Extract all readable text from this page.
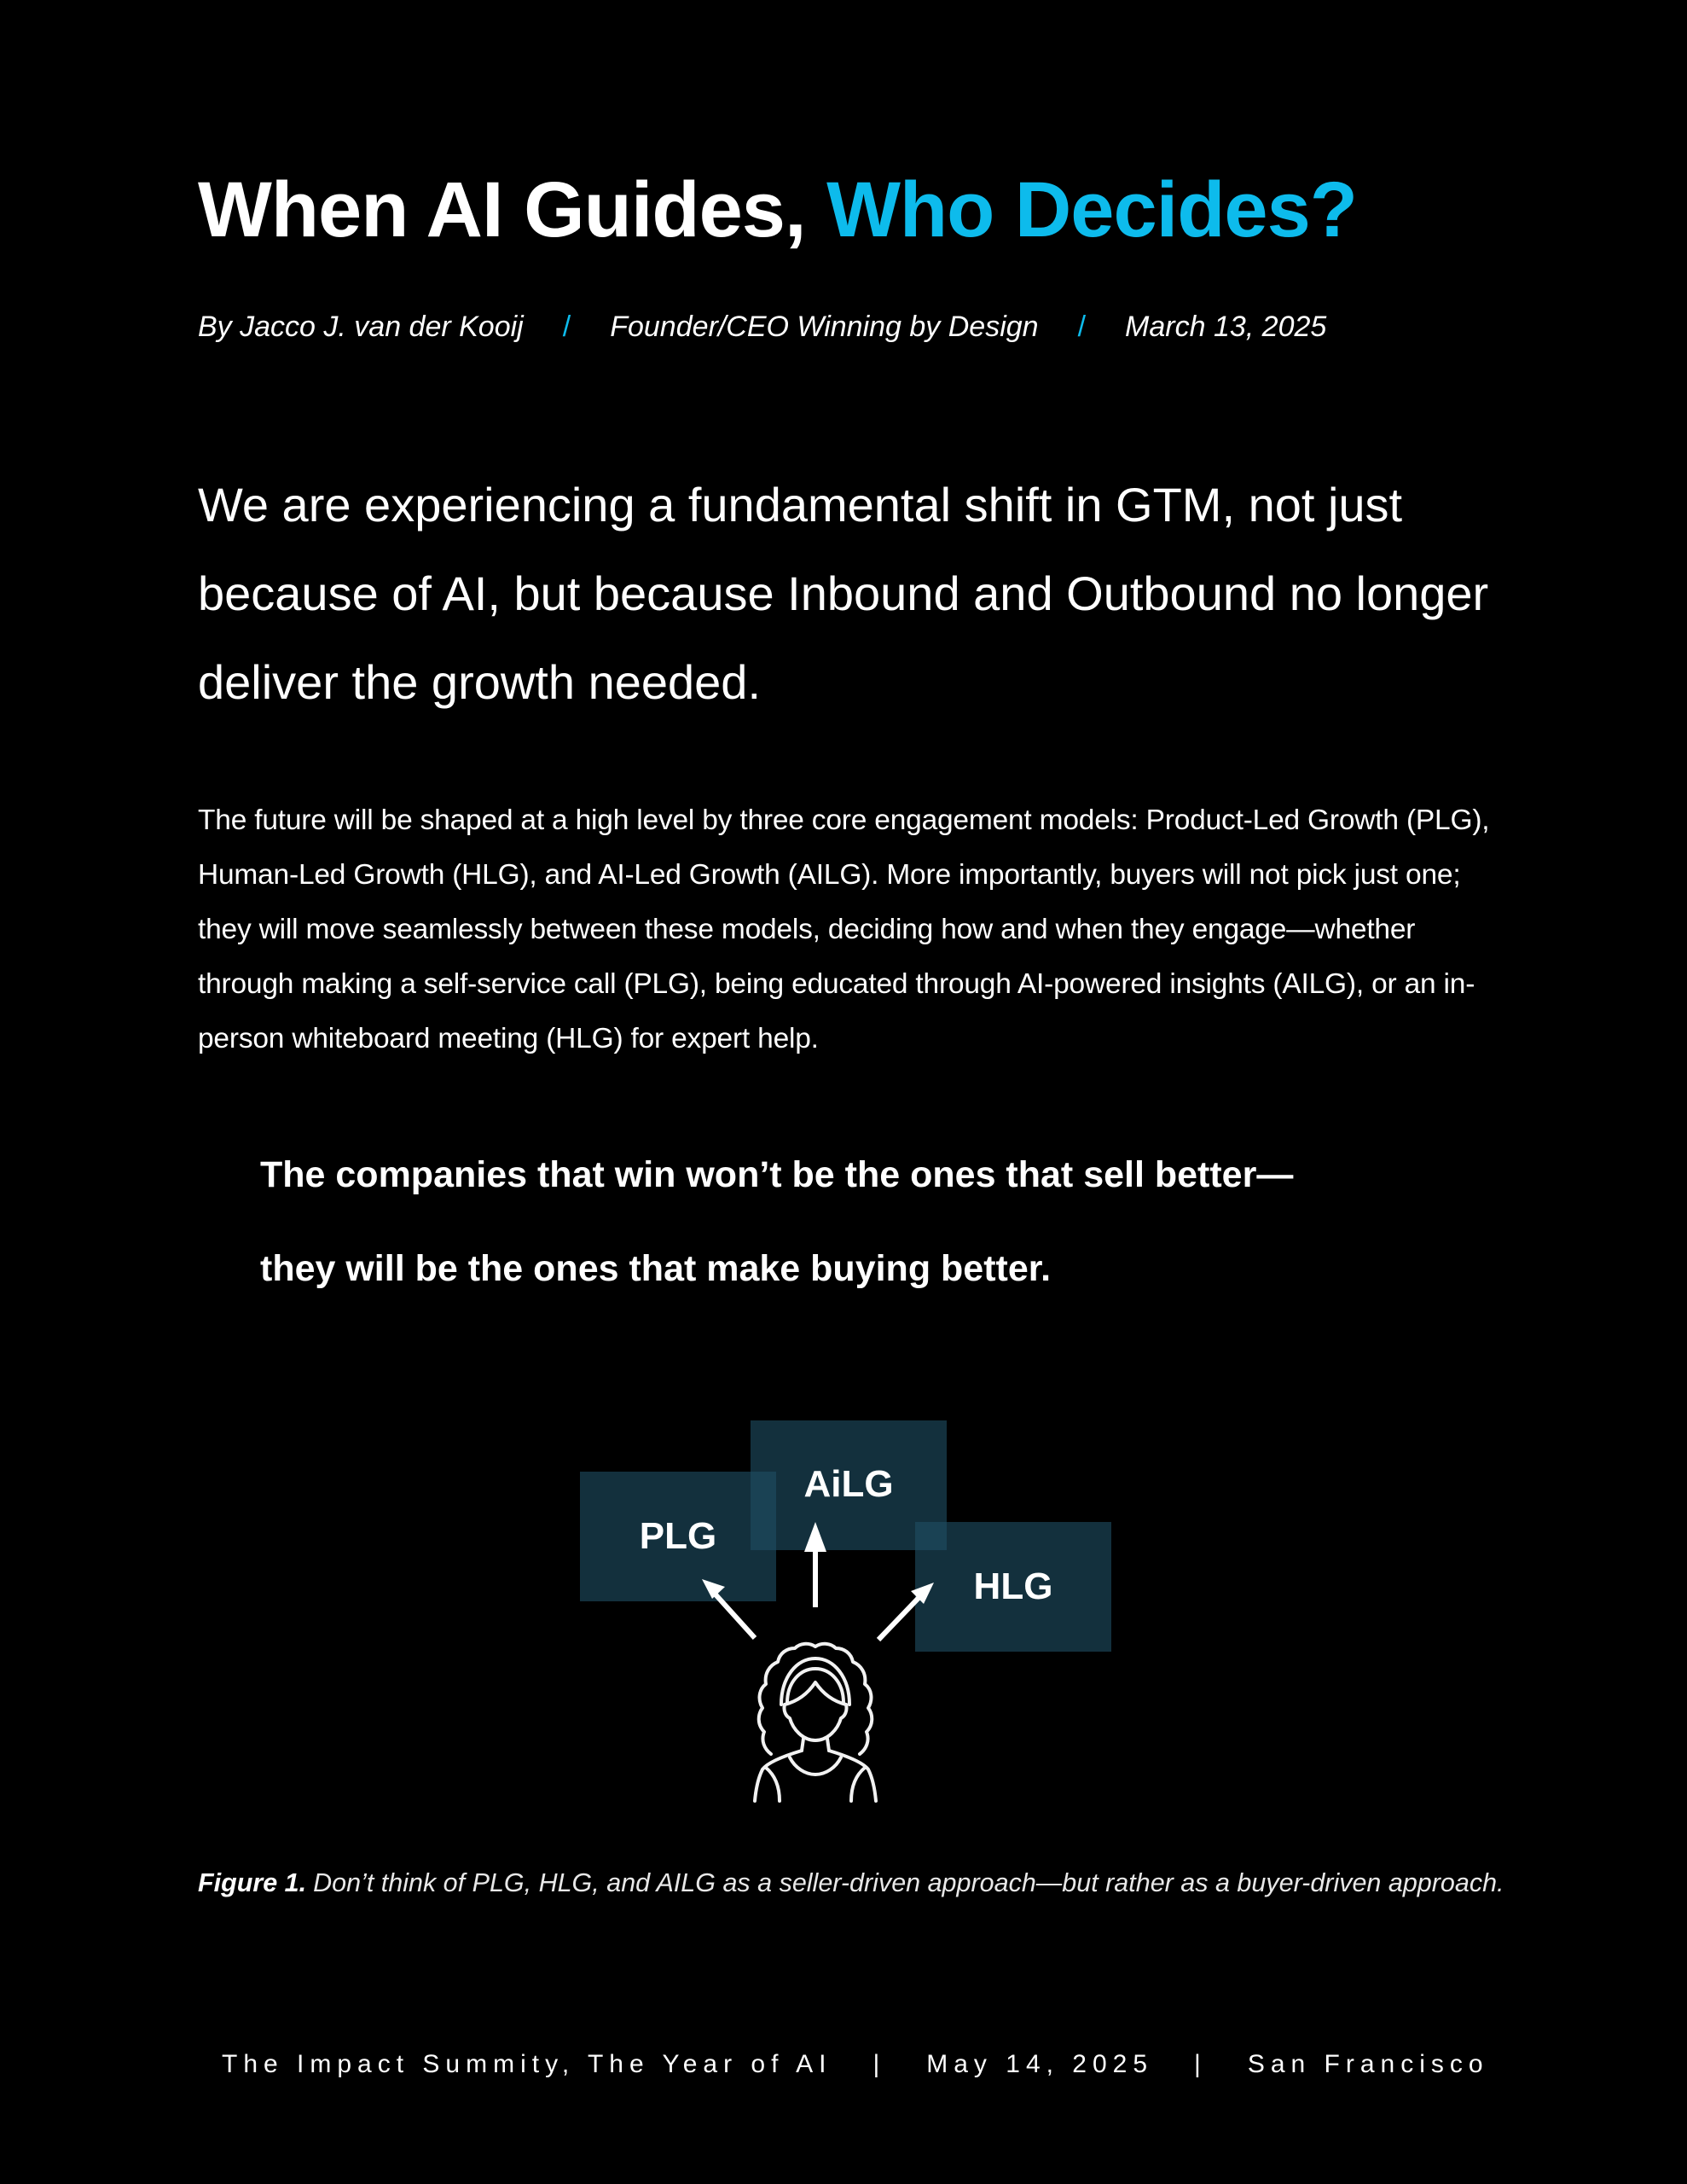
When AI Guides, Who Decides?
By Jacco J. van der Kooij / Founder/CEO Winning by Design / March 13, 2025

We are experiencing a fundamental shift in GTM, not just because of AI, but because Inbound and Outbound no longer deliver the growth needed.

The future will be shaped at a high level by three core engagement models: Product-Led Growth (PLG), Human-Led Growth (HLG), and AI-Led Growth (AILG). More importantly, buyers will not pick just one; they will move seamlessly between these models, deciding how and when they engage—whether through making a self-service call (PLG), being educated through AI-powered insights (AILG), or an in-person whiteboard meeting (HLG) for expert help.

The companies that win won’t be the ones that sell better—
they will be the ones that make buying better.
PLG
AiLG
HLG
Figure 1. Don’t think of PLG, HLG, and AILG as a seller-driven approach—but rather as a buyer-driven approach.
The Impact Summity, The Year of AI | May 14, 2025 | San Francisco
